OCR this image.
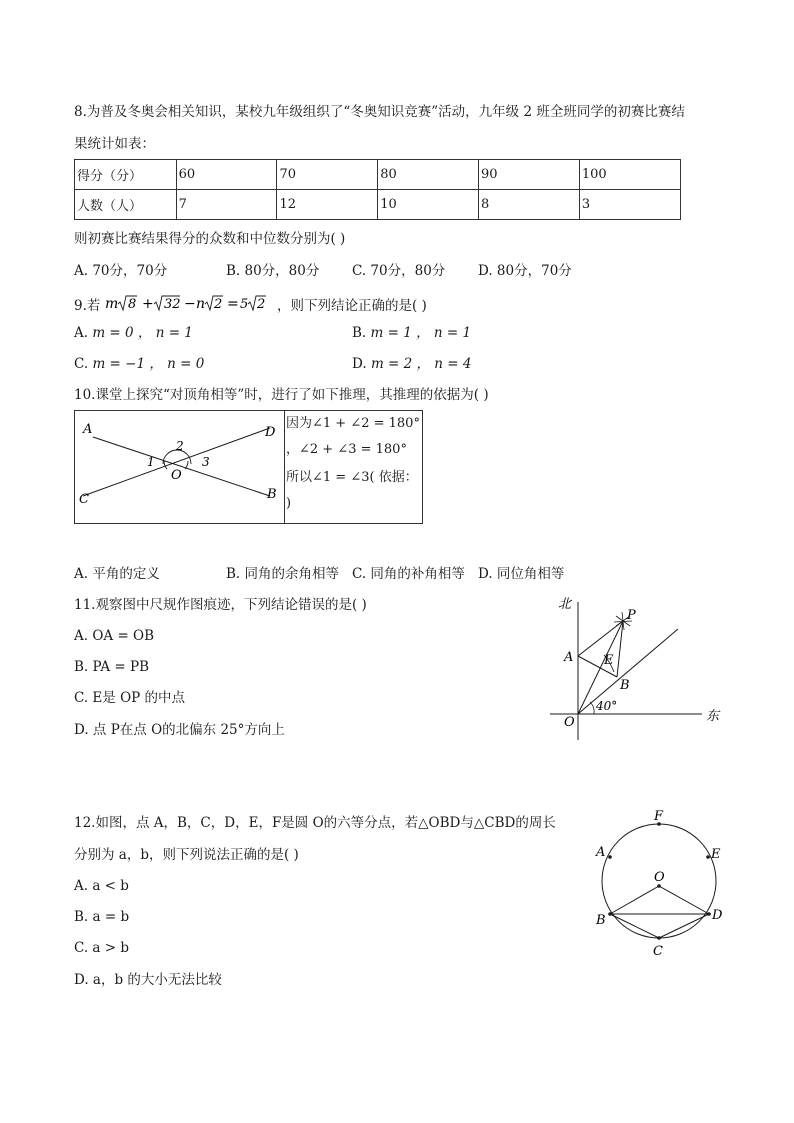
8.为普及冬奥会相关知识，某校九年级组织了“冬奥知识竞赛”活动，九年级 2 班全班同学的初赛比赛结
果统计如表：
得分（分）	60	70	80	90	100
人数（人）	7	12	10	8	3
则初赛比赛结果得分的众数和中位数分别为( )
A. 70分，70分	B. 80分，80分 C. 70分，80分 D. 80分，70分
9.若 m 8 + 32 − n 2 = 5 2 ，则下列结论正确的是( )
A. m = 0 ， n = 1	B. m = 1 ， n = 1
C. m = −1 ， n = 0	D. m = 2 ， n = 4
10.课堂上探究“对顶角相等”时，进行了如下推理，其推理的依据为( )
A	D
C	B
O
1
2
3
因为∠1 + ∠2 = 180°
，∠2 + ∠3 = 180°
所以∠1 = ∠3( 依据：
)
A. 平角的定义	B. 同角的余角相等 C. 同角的补角相等 D. 同位角相等
11.观察图中尺规作图痕迹，下列结论错误的是( )
A. OA = OB
B. PA = PB
C. E是 OP 的中点
D. 点 P在点 O的北偏东 25°方向上
北
东
P
A E
B
O
40°
12.如图，点 A，B，C，D，E，F是圆 O的六等分点，若△OBD与△CBD的周长
分别为 a，b，则下列说法正确的是( )
A. a < b
B. a = b
C. a > b
D. a，b 的大小无法比较
F
A	E
O
B	D
C
